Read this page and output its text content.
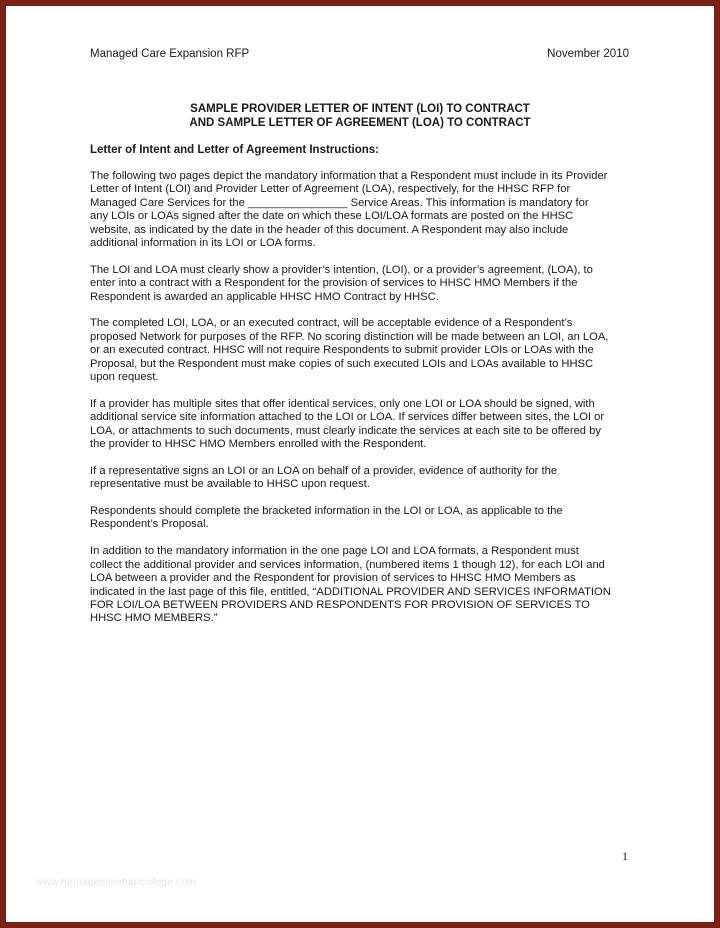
Managed Care Expansion RFP	November 2010
SAMPLE PROVIDER LETTER OF INTENT (LOI) TO CONTRACT
AND SAMPLE LETTER OF AGREEMENT (LOA) TO CONTRACT
Letter of Intent and Letter of Agreement Instructions:

The following two pages depict the mandatory information that a Respondent must include in its Provider
Letter of Intent (LOI) and Provider Letter of Agreement (LOA), respectively, for the HHSC RFP for
Managed Care Services for the ________________ Service Areas. This information is mandatory for
any LOIs or LOAs signed after the date on which these LOI/LOA formats are posted on the HHSC
website, as indicated by the date in the header of this document. A Respondent may also include
additional information in its LOI or LOA forms.

The LOI and LOA must clearly show a provider’s intention, (LOI), or a provider’s agreement, (LOA), to
enter into a contract with a Respondent for the provision of services to HHSC HMO Members if the
Respondent is awarded an applicable HHSC HMO Contract by HHSC.

The completed LOI, LOA, or an executed contract, will be acceptable evidence of a Respondent’s
proposed Network for purposes of the RFP. No scoring distinction will be made between an LOI, an LOA,
or an executed contract. HHSC will not require Respondents to submit provider LOIs or LOAs with the
Proposal, but the Respondent must make copies of such executed LOIs and LOAs available to HHSC
upon request.

If a provider has multiple sites that offer identical services, only one LOI or LOA should be signed, with
additional service site information attached to the LOI or LOA. If services differ between sites, the LOI or
LOA, or attachments to such documents, must clearly indicate the services at each site to be offered by
the provider to HHSC HMO Members enrolled with the Respondent.

If a representative signs an LOI or an LOA on behalf of a provider, evidence of authority for the
representative must be available to HHSC upon request.

Respondents should complete the bracketed information in the LOI or LOA, as applicable to the
Respondent’s Proposal.

In addition to the mandatory information in the one page LOI and LOA formats, a Respondent must
collect the additional provider and services information, (numbered items 1 though 12), for each LOI and
LOA between a provider and the Respondent for provision of services to HHSC HMO Members as
indicated in the last page of this file, entitled, “ADDITIONAL PROVIDER AND SERVICES INFORMATION
FOR LOI/LOA BETWEEN PROVIDERS AND RESPONDENTS FOR PROVISION OF SERVICES TO
HHSC HMO MEMBERS.”

1
www.heritagechristiancollege.com
